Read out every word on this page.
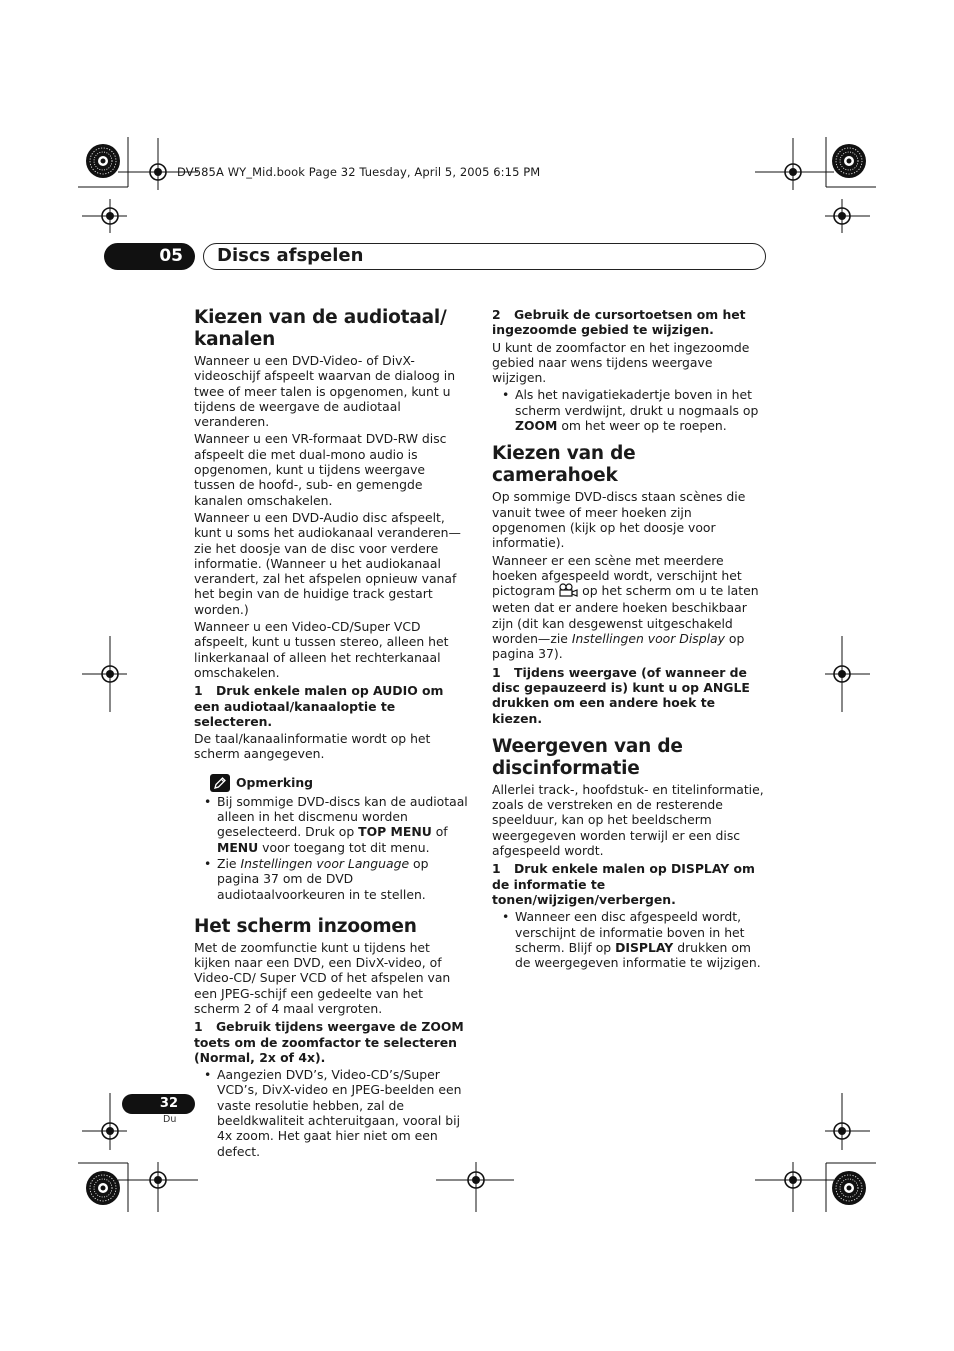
DV585A WY_Mid.book Page 32 Tuesday, April 5, 2005 6:15 PM
05	Discs afspelen
Kiezen van de audiotaal/ kanalen

Wanneer u een DVD-Video- of DivX-videoschijf afspeelt waarvan de dialoog in twee of meer talen is opgenomen, kunt u tijdens de weergave de audiotaal veranderen.

Wanneer u een VR-formaat DVD-RW disc afspeelt die met dual-mono audio is opgenomen, kunt u tijdens weergave tussen de hoofd-, sub- en gemengde kanalen omschakelen.

Wanneer u een DVD-Audio disc afspeelt, kunt u soms het audiokanaal veranderen—zie het doosje van de disc voor verdere informatie. (Wanneer u het audiokanaal verandert, zal het afspelen opnieuw vanaf het begin van de huidige track gestart worden.)

Wanneer u een Video-CD/Super VCD afspeelt, kunt u tussen stereo, alleen het linkerkanaal of alleen het rechterkanaal omschakelen.

1 Druk enkele malen op AUDIO om een audiotaal/kanaaloptie te selecteren.

De taal/kanaalinformatie wordt op het scherm aangegeven.

Opmerking
• Bij sommige DVD-discs kan de audiotaal alleen in het discmenu worden geselecteerd. Druk op TOP MENU of MENU voor toegang tot dit menu.
• Zie Instellingen voor Language op pagina 37 om de DVD audiotaalvoorkeuren in te stellen.
Het scherm inzoomen

Met de zoomfunctie kunt u tijdens het kijken naar een DVD, een DivX-video, of Video-CD/ Super VCD of het afspelen van een JPEG-schijf een gedeelte van het scherm 2 of 4 maal vergroten.

1 Gebruik tijdens weergave de ZOOM toets om de zoomfactor te selecteren (Normal, 2x of 4x).
• Aangezien DVD’s, Video-CD’s/Super VCD’s, DivX-video en JPEG-beelden een vaste resolutie hebben, zal de beeldkwaliteit achteruitgaan, vooral bij 4x zoom. Het gaat hier niet om een defect.
2 Gebruik de cursortoetsen om het ingezoomde gebied te wijzigen.

U kunt de zoomfactor en het ingezoomde gebied naar wens tijdens weergave wijzigen.

• Als het navigatiekadertje boven in het scherm verdwijnt, drukt u nogmaals op ZOOM om het weer op te roepen.
Kiezen van de camerahoek

Op sommige DVD-discs staan scènes die vanuit twee of meer hoeken zijn opgenomen (kijk op het doosje voor informatie).

Wanneer er een scène met meerdere hoeken afgespeeld wordt, verschijnt het pictogram op het scherm om u te laten weten dat er andere hoeken beschikbaar zijn (dit kan desgewenst uitgeschakeld worden—zie Instellingen voor Display op pagina 37).

1 Tijdens weergave (of wanneer de disc gepauzeerd is) kunt u op ANGLE drukken om een andere hoek te kiezen.
Weergeven van de discinformatie

Allerlei track-, hoofdstuk- en titelinformatie, zoals de verstreken en de resterende speelduur, kan op het beeldscherm weergegeven worden terwijl er een disc afgespeeld wordt.

1 Druk enkele malen op DISPLAY om de informatie te tonen/wijzigen/verbergen.
• Wanneer een disc afgespeeld wordt, verschijnt de informatie boven in het scherm. Blijf op DISPLAY drukken om de weergegeven informatie te wijzigen.
32
Du
